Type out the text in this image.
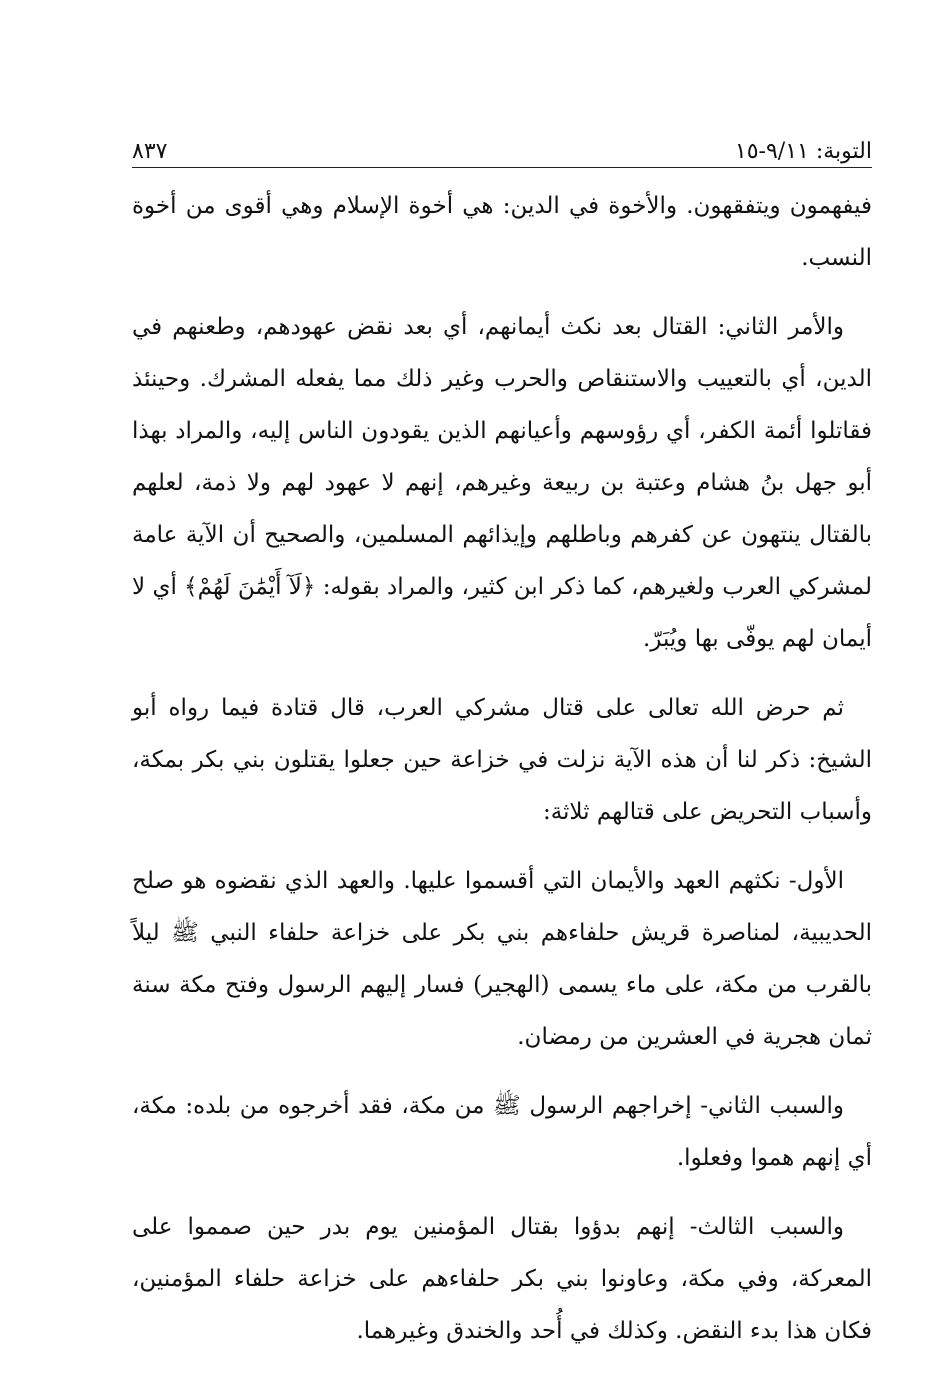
التوبة: ٩/١١-١٥
٨٣٧

فيفهمون ويتفقهون. والأخوة في الدين: هي أخوة الإسلام وهي أقوى من أخوة النسب.

والأمر الثاني: القتال بعد نكث أيمانهم، أي بعد نقض عهودهم، وطعنهم في الدين، أي بالتعييب والاستنقاص والحرب وغير ذلك مما يفعله المشرك. وحينئذ فقاتلوا أئمة الكفر، أي رؤوسهم وأعيانهم الذين يقودون الناس إليه، والمراد بهذا أبو جهل بنُ هشام وعتبة بن ربيعة وغيرهم، إنهم لا عهود لهم ولا ذمة، لعلهم بالقتال ينتهون عن كفرهم وباطلهم وإيذائهم المسلمين، والصحيح أن الآية عامة لمشركي العرب ولغيرهم، كما ذكر ابن كثير، والمراد بقوله: ﴿لَآ أَيْمَٰنَ لَهُمْ﴾ أي لا أيمان لهم يوفّى بها ويُبَرّ.

ثم حرض الله تعالى على قتال مشركي العرب، قال قتادة فيما رواه أبو الشيخ: ذكر لنا أن هذه الآية نزلت في خزاعة حين جعلوا يقتلون بني بكر بمكة، وأسباب التحريض على قتالهم ثلاثة:

الأول- نكثهم العهد والأيمان التي أقسموا عليها. والعهد الذي نقضوه هو صلح الحديبية، لمناصرة قريش حلفاءهم بني بكر على خزاعة حلفاء النبي ﷺ ليلاً بالقرب من مكة، على ماء يسمى (الهجير) فسار إليهم الرسول وفتح مكة سنة ثمان هجرية في العشرين من رمضان.

والسبب الثاني- إخراجهم الرسول ﷺ من مكة، فقد أخرجوه من بلده: مكة، أي إنهم هموا وفعلوا.

والسبب الثالث- إنهم بدؤوا بقتال المؤمنين يوم بدر حين صمموا على المعركة، وفي مكة، وعاونوا بني بكر حلفاءهم على خزاعة حلفاء المؤمنين، فكان هذا بدء النقض. وكذلك في أُحد والخندق وغيرهما.
